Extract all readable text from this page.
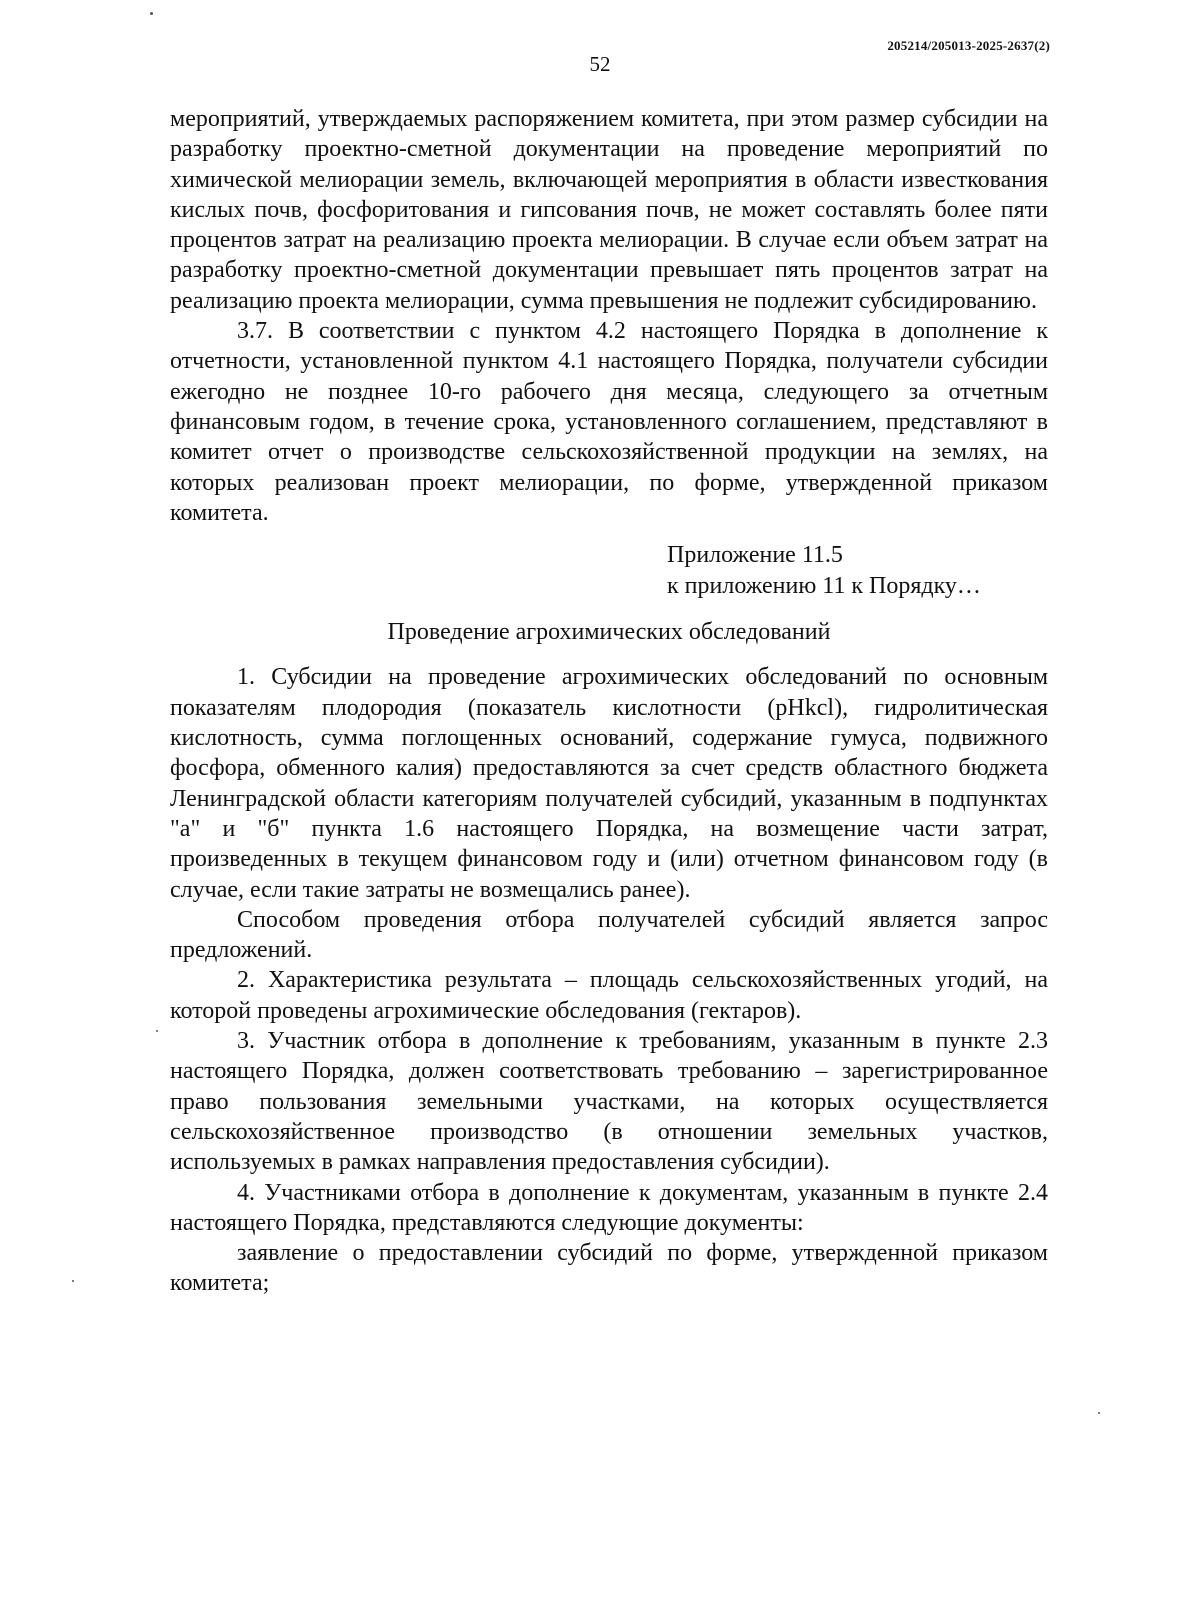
205214/205013-2025-2637(2)
52

мероприятий, утверждаемых распоряжением комитета, при этом размер субсидии на разработку проектно-сметной документации на проведение мероприятий по химической мелиорации земель, включающей мероприятия в области известкования кислых почв, фосфоритования и гипсования почв, не может составлять более пяти процентов затрат на реализацию проекта мелиорации. В случае если объем затрат на разработку проектно-сметной документации превышает пять процентов затрат на реализацию проекта мелиорации, сумма превышения не подлежит субсидированию.

3.7. В соответствии с пунктом 4.2 настоящего Порядка в дополнение к отчетности, установленной пунктом 4.1 настоящего Порядка, получатели субсидии ежегодно не позднее 10-го рабочего дня месяца, следующего за отчетным финансовым годом, в течение срока, установленного соглашением, представляют в комитет отчет о производстве сельскохозяйственной продукции на землях, на которых реализован проект мелиорации, по форме, утвержденной приказом комитета.

Приложение 11.5
к приложению 11 к Порядку…
Проведение агрохимических обследований

1. Субсидии на проведение агрохимических обследований по основным показателям плодородия (показатель кислотности (pHkcl), гидролитическая кислотность, сумма поглощенных оснований, содержание гумуса, подвижного фосфора, обменного калия) предоставляются за счет средств областного бюджета Ленинградской области категориям получателей субсидий, указанным в подпунктах "а" и "б" пункта 1.6 настоящего Порядка, на возмещение части затрат, произведенных в текущем финансовом году и (или) отчетном финансовом году (в случае, если такие затраты не возмещались ранее).

Способом проведения отбора получателей субсидий является запрос предложений.

2. Характеристика результата – площадь сельскохозяйственных угодий, на которой проведены агрохимические обследования (гектаров).

3. Участник отбора в дополнение к требованиям, указанным в пункте 2.3 настоящего Порядка, должен соответствовать требованию – зарегистрированное право пользования земельными участками, на которых осуществляется сельскохозяйственное производство (в отношении земельных участков, используемых в рамках направления предоставления субсидии).

4. Участниками отбора в дополнение к документам, указанным в пункте 2.4 настоящего Порядка, представляются следующие документы:

заявление о предоставлении субсидий по форме, утвержденной приказом комитета;
